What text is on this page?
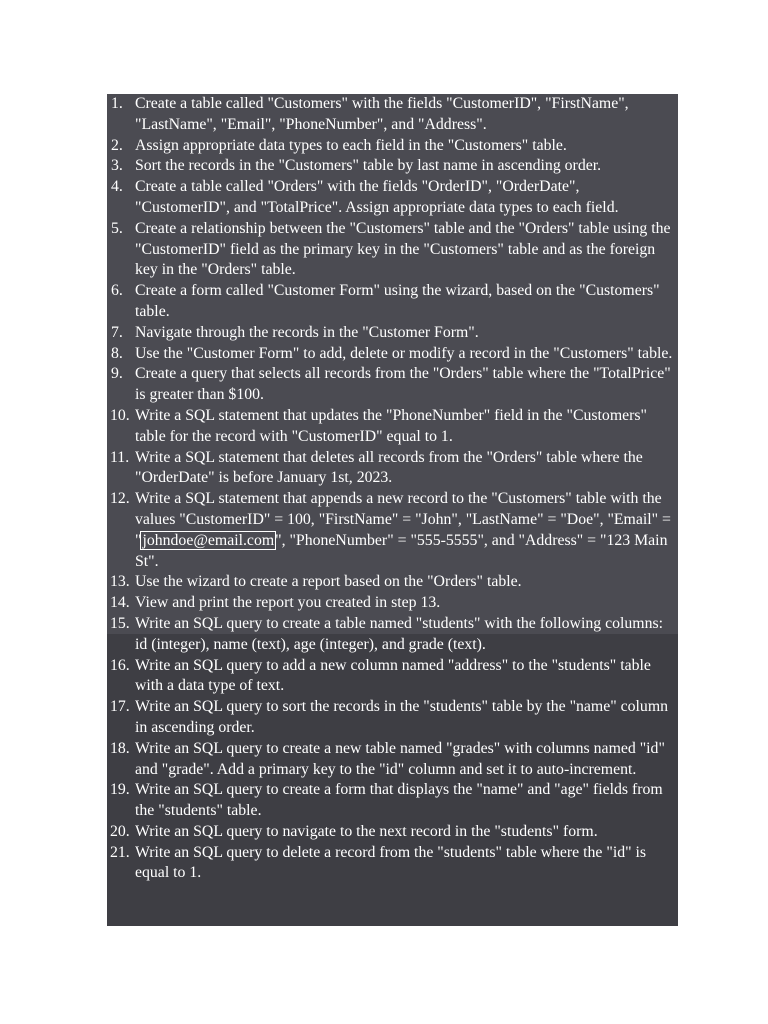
1. Create a table called "Customers" with the fields "CustomerID", "FirstName", "LastName", "Email", "PhoneNumber", and "Address".
2. Assign appropriate data types to each field in the "Customers" table.
3. Sort the records in the "Customers" table by last name in ascending order.
4. Create a table called "Orders" with the fields "OrderID", "OrderDate", "CustomerID", and "TotalPrice". Assign appropriate data types to each field.
5. Create a relationship between the "Customers" table and the "Orders" table using the "CustomerID" field as the primary key in the "Customers" table and as the foreign key in the "Orders" table.
6. Create a form called "Customer Form" using the wizard, based on the "Customers" table.
7. Navigate through the records in the "Customer Form".
8. Use the "Customer Form" to add, delete or modify a record in the "Customers" table.
9. Create a query that selects all records from the "Orders" table where the "TotalPrice" is greater than $100.
10. Write a SQL statement that updates the "PhoneNumber" field in the "Customers" table for the record with "CustomerID" equal to 1.
11. Write a SQL statement that deletes all records from the "Orders" table where the "OrderDate" is before January 1st, 2023.
12. Write a SQL statement that appends a new record to the "Customers" table with the values "CustomerID" = 100, "FirstName" = "John", "LastName" = "Doe", "Email" = "johndoe@email.com", "PhoneNumber" = "555-5555", and "Address" = "123 Main St".
13. Use the wizard to create a report based on the "Orders" table.
14. View and print the report you created in step 13.
15. Write an SQL query to create a table named "students" with the following columns: id (integer), name (text), age (integer), and grade (text).
16. Write an SQL query to add a new column named "address" to the "students" table with a data type of text.
17. Write an SQL query to sort the records in the "students" table by the "name" column in ascending order.
18. Write an SQL query to create a new table named "grades" with columns named "id" and "grade". Add a primary key to the "id" column and set it to auto-increment.
19. Write an SQL query to create a form that displays the "name" and "age" fields from the "students" table.
20. Write an SQL query to navigate to the next record in the "students" form.
21. Write an SQL query to delete a record from the "students" table where the "id" is equal to 1.
